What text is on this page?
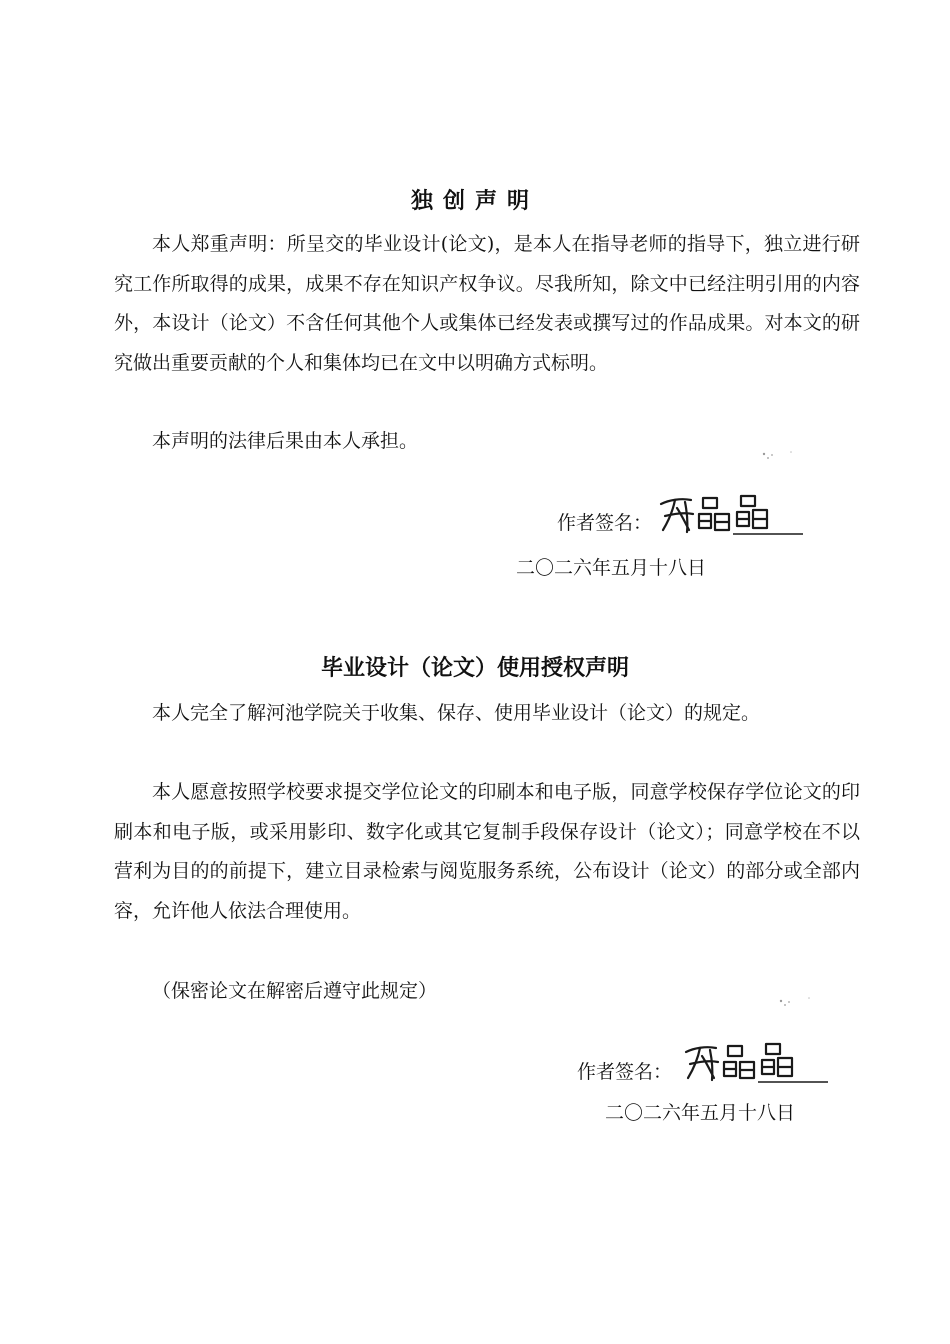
独创声明

本人郑重声明：所呈交的毕业设计(论文)，是本人在指导老师的指导下，独立进行研究工作所取得的成果，成果不存在知识产权争议。尽我所知，除文中已经注明引用的内容外，本设计（论文）不含任何其他个人或集体已经发表或撰写过的作品成果。对本文的研究做出重要贡献的个人和集体均已在文中以明确方式标明。

本声明的法律后果由本人承担。

作者签名：
二〇二六年五月十八日
毕业设计（论文）使用授权声明

本人完全了解河池学院关于收集、保存、使用毕业设计（论文）的规定。

本人愿意按照学校要求提交学位论文的印刷本和电子版，同意学校保存学位论文的印刷本和电子版，或采用影印、数字化或其它复制手段保存设计（论文）；同意学校在不以营利为目的的前提下，建立目录检索与阅览服务系统，公布设计（论文）的部分或全部内容，允许他人依法合理使用。

（保密论文在解密后遵守此规定）

作者签名：
二〇二六年五月十八日
